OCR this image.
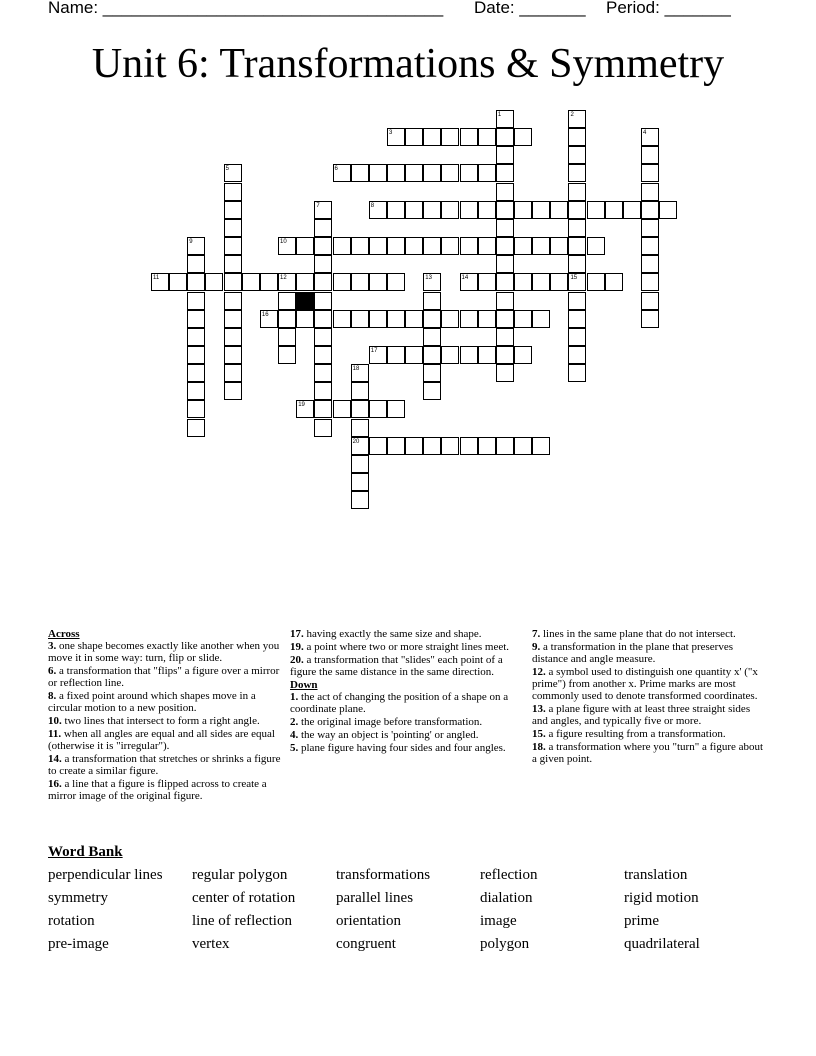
Name: ____________________________________ Date: _______ Period: _______
Unit 6: Transformations & Symmetry
1	2
3	4
5	6
7	8
9	10
11	12	13	14	15
16
17
18
19
20
Across
3. one shape becomes exactly like another when you move it in some way: turn, flip or slide.
6. a transformation that "flips" a figure over a mirror or reflection line.
8. a fixed point around which shapes move in a circular motion to a new position.
10. two lines that intersect to form a right angle.
11. when all angles are equal and all sides are equal (otherwise it is "irregular").
14. a transformation that stretches or shrinks a figure to create a similar figure.
16. a line that a figure is flipped across to create a mirror image of the original figure.
17. having exactly the same size and shape.
19. a point where two or more straight lines meet.
20. a transformation that "slides" each point of a figure the same distance in the same direction.
Down
1. the act of changing the position of a shape on a coordinate plane.
2. the original image before transformation.
4. the way an object is 'pointing' or angled.
5. plane figure having four sides and four angles.
7. lines in the same plane that do not intersect.
9. a transformation in the plane that preserves distance and angle measure.
12. a symbol used to distinguish one quantity x' ("x prime") from another x. Prime marks are most commonly used to denote transformed coordinates.
13. a plane figure with at least three straight sides and angles, and typically five or more.
15. a figure resulting from a transformation.
18. a transformation where you "turn" a figure about a given point.
Word Bank
perpendicular lines	regular polygon	transformations	reflection	translation
symmetry	center of rotation	parallel lines	dialation	rigid motion
rotation	line of reflection	orientation	image	prime
pre-image	vertex	congruent	polygon	quadrilateral
